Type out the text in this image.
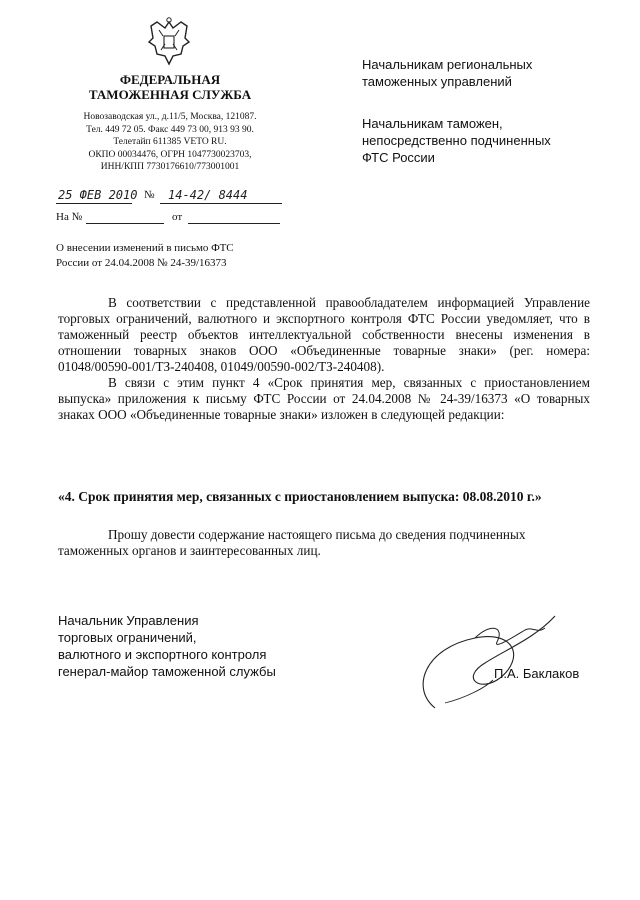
ФЕДЕРАЛЬНАЯ
ТАМОЖЕННАЯ СЛУЖБА
Новозаводская ул., д.11/5, Москва, 121087.
Тел. 449 72 05. Факс 449 73 00, 913 93 90.
Телетайп 611385 VETO RU.
ОКПО 00034476, ОГРН 1047730023703,
ИНН/КПП 7730176610/773001001
25 ФЕВ 2010 № 14-42/ 8444
На №	от
О внесении изменений в письмо ФТС
России от 24.04.2008 № 24-39/16373

Начальникам региональных

таможенных управлений

Начальникам таможен,

непосредственно подчиненных

ФТС России

В соответствии с представленной правообладателем информацией Управление торговых ограничений, валютного и экспортного контроля ФТС России уведомляет, что в таможенный реестр объектов интеллектуальной собственности внесены изменения в отношении товарных знаков ООО «Объединенные товарные знаки» (рег. номера: 01048/00590-001/ТЗ-240408, 01049/00590-002/ТЗ-240408).

В связи с этим пункт 4 «Срок принятия мер, связанных с приостановлением выпуска» приложения к письму ФТС России от 24.04.2008 № 24-39/16373 «О товарных знаках ООО «Объединенные товарные знаки» изложен в следующей редакции:

«4. Срок принятия мер, связанных с приостановлением выпуска: 08.08.2010 г.»

Прошу довести содержание настоящего письма до сведения подчиненных таможенных органов и заинтересованных лиц.

Начальник Управления
торговых ограничений,
валютного и экспортного контроля
генерал-майор таможенной службы	П.А. Баклаков
